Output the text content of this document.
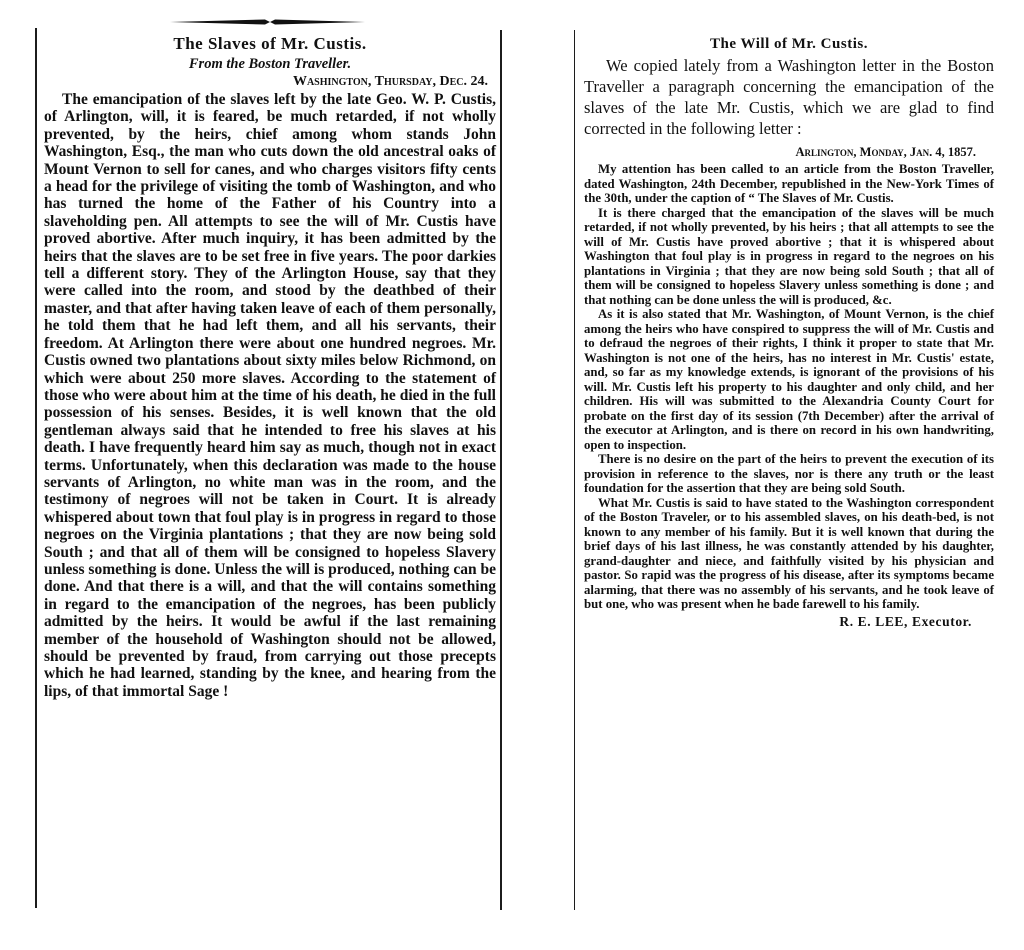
The Slaves of Mr. Custis.
From the Boston Traveller.
Washington, Thursday, Dec. 24.

The emancipation of the slaves left by the late Geo. W. P. Custis, of Arlington, will, it is feared, be much retarded, if not wholly prevented, by the heirs, chief among whom stands John Washington, Esq., the man who cuts down the old ancestral oaks of Mount Vernon to sell for canes, and who charges visitors fifty cents a head for the privilege of visiting the tomb of Washington, and who has turned the home of the Father of his Country into a slaveholding pen. All attempts to see the will of Mr. Custis have proved abortive. After much inquiry, it has been admitted by the heirs that the slaves are to be set free in five years. The poor darkies tell a different story. They of the Arlington House, say that they were called into the room, and stood by the deathbed of their master, and that after having taken leave of each of them personally, he told them that he had left them, and all his servants, their freedom. At Arlington there were about one hundred negroes. Mr. Custis owned two plantations about sixty miles below Richmond, on which were about 250 more slaves. According to the statement of those who were about him at the time of his death, he died in the full possession of his senses. Besides, it is well known that the old gentleman always said that he intended to free his slaves at his death. I have frequently heard him say as much, though not in exact terms. Unfortunately, when this declaration was made to the house servants of Arlington, no white man was in the room, and the testimony of negroes will not be taken in Court. It is already whispered about town that foul play is in progress in regard to those negroes on the Virginia plantations ; that they are now being sold South ; and that all of them will be consigned to hopeless Slavery unless something is done. Unless the will is produced, nothing can be done. And that there is a will, and that the will contains something in regard to the emancipation of the negroes, has been publicly admitted by the heirs. It would be awful if the last remaining member of the household of Washington should not be allowed, should be prevented by fraud, from carrying out those precepts which he had learned, standing by the knee, and hearing from the lips, of that immortal Sage !

The Will of Mr. Custis.

We copied lately from a Washington letter in the Boston Traveller a paragraph concerning the emancipation of the slaves of the late Mr. Custis, which we are glad to find corrected in the following letter :

Arlington, Monday, Jan. 4, 1857.

My attention has been called to an article from the Boston Traveller, dated Washington, 24th December, republished in the New-York Times of the 30th, under the caption of “ The Slaves of Mr. Custis.

It is there charged that the emancipation of the slaves will be much retarded, if not wholly prevented, by his heirs ; that all attempts to see the will of Mr. Custis have proved abortive ; that it is whispered about Washington that foul play is in progress in regard to the negroes on his plantations in Virginia ; that they are now being sold South ; that all of them will be consigned to hopeless Slavery unless something is done ; and that nothing can be done unless the will is produced, &c.

As it is also stated that Mr. Washington, of Mount Vernon, is the chief among the heirs who have conspired to suppress the will of Mr. Custis and to defraud the negroes of their rights, I think it proper to state that Mr. Washington is not one of the heirs, has no interest in Mr. Custis' estate, and, so far as my knowledge extends, is ignorant of the provisions of his will. Mr. Custis left his property to his daughter and only child, and her children. His will was submitted to the Alexandria County Court for probate on the first day of its session (7th December) after the arrival of the executor at Arlington, and is there on record in his own handwriting, open to inspection.

There is no desire on the part of the heirs to prevent the execution of its provision in reference to the slaves, nor is there any truth or the least foundation for the assertion that they are being sold South.

What Mr. Custis is said to have stated to the Washington correspondent of the Boston Traveler, or to his assembled slaves, on his death-bed, is not known to any member of his family. But it is well known that during the brief days of his last illness, he was constantly attended by his daughter, grand-daughter and niece, and faithfully visited by his physician and pastor. So rapid was the progress of his disease, after its symptoms became alarming, that there was no assembly of his servants, and he took leave of but one, who was present when he bade farewell to his family.

R. E. LEE, Executor.
